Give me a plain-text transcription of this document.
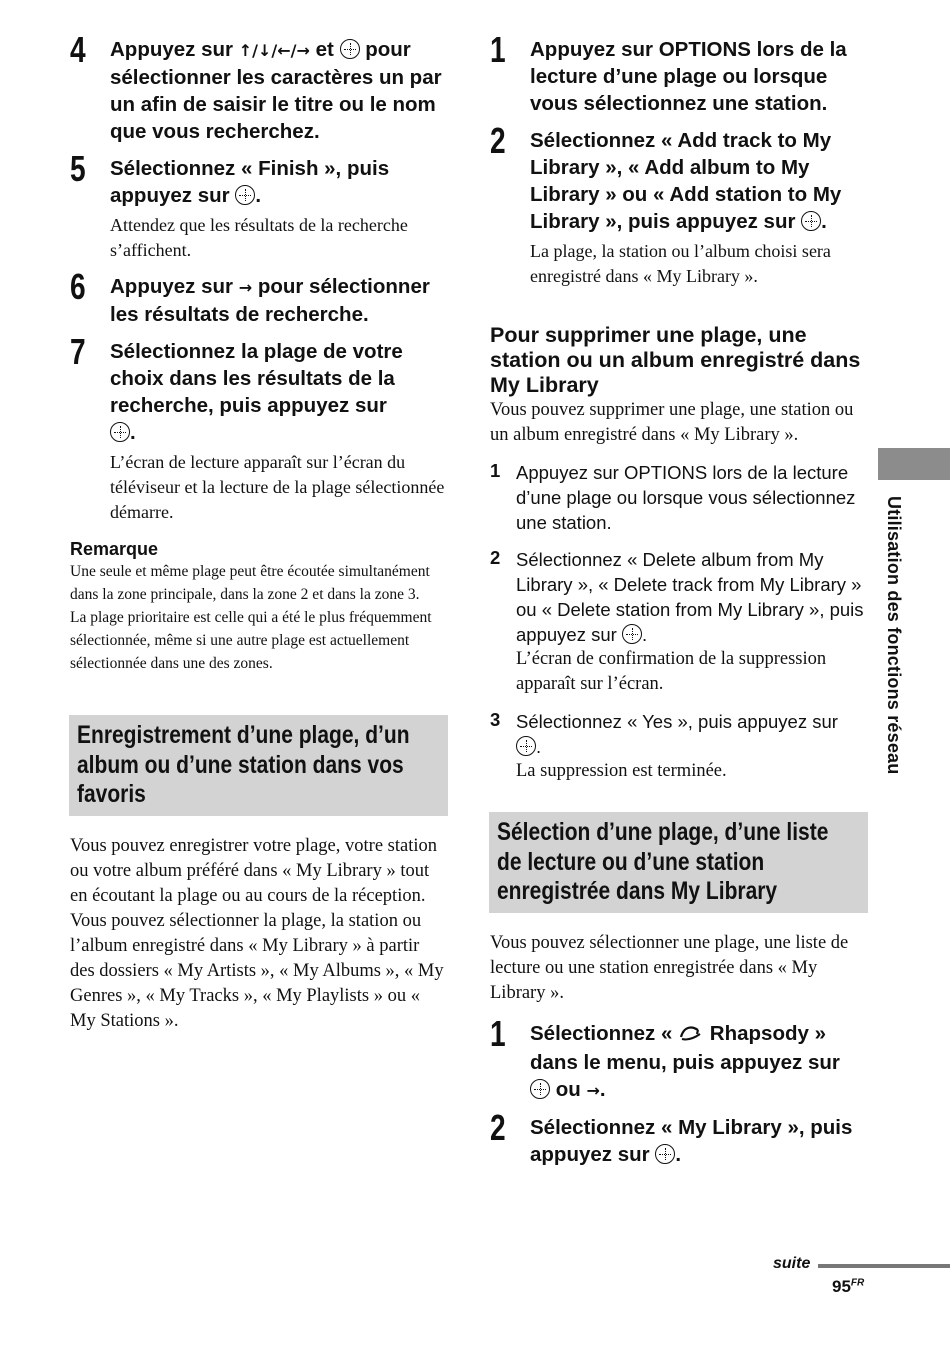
4 Appuyez sur ↑/↓/←/→ et  pour sélectionner les caractères un par un afin de saisir le titre ou le nom que vous recherchez.
5 Sélectionnez « Finish », puis appuyez sur .
Attendez que les résultats de la recherche s’affichent.
6 Appuyez sur → pour sélectionner les résultats de recherche.
7 Sélectionnez la plage de votre choix dans les résultats de la recherche, puis appuyez sur
.
L’écran de lecture apparaît sur l’écran du téléviseur et la lecture de la plage sélectionnée démarre.
Remarque
Une seule et même plage peut être écoutée simultanément dans la zone principale, dans la zone 2 et dans la zone 3.
La plage prioritaire est celle qui a été le plus fréquemment sélectionnée, même si une autre plage est actuellement sélectionnée dans une des zones.
Enregistrement d’une plage, d’un album ou d’une station dans vos favoris
Vous pouvez enregistrer votre plage, votre station ou votre album préféré dans « My Library » tout en écoutant la plage ou au cours de la réception.
Vous pouvez sélectionner la plage, la station ou l’album enregistré dans « My Library » à partir des dossiers « My Artists », « My Albums », « My Genres », « My Tracks », « My Playlists » ou « My Stations ».
1 Appuyez sur OPTIONS lors de la lecture d’une plage ou lorsque vous sélectionnez une station.
2 Sélectionnez « Add track to My Library », « Add album to My Library » ou « Add station to My Library », puis appuyez sur .
La plage, la station ou l’album choisi sera enregistré dans « My Library ».
Pour supprimer une plage, une station ou un album enregistré dans My Library
Vous pouvez supprimer une plage, une station ou un album enregistré dans « My Library ».
1 Appuyez sur OPTIONS lors de la lecture d’une plage ou lorsque vous sélectionnez une station.
2 Sélectionnez « Delete album from My Library », « Delete track from My Library » ou « Delete station from My Library », puis appuyez sur .
L’écran de confirmation de la suppression apparaît sur l’écran.
3 Sélectionnez « Yes », puis appuyez sur
.
La suppression est terminée.
Sélection d’une plage, d’une liste de lecture ou d’une station enregistrée dans My Library
Vous pouvez sélectionner une plage, une liste de lecture ou une station enregistrée dans « My Library ».
1 Sélectionnez «  Rhapsody » dans le menu, puis appuyez sur
ou →.
2 Sélectionnez « My Library », puis appuyez sur .
Utilisation des fonctions réseau
suite
$95^{FR}$
